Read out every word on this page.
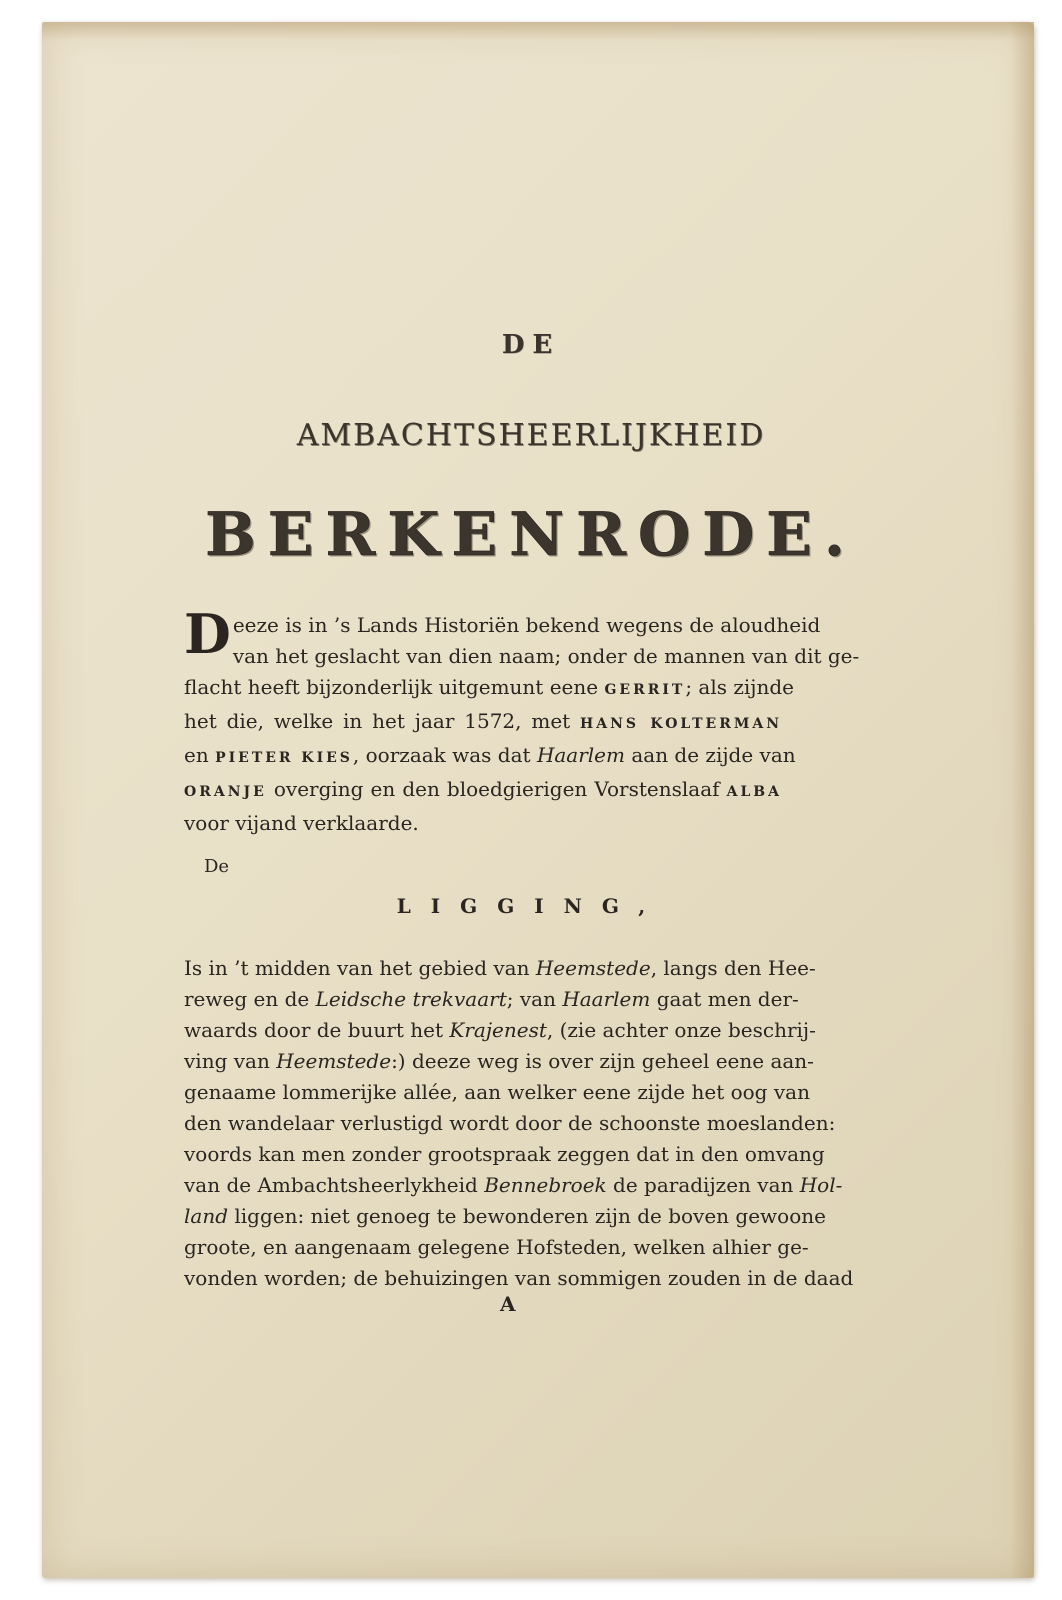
DE
AMBACHTSHEERLIJKHEID
BERKENRODE.
D eeze is in ’s Lands Historiën bekend wegens de aloudheid
van het geslacht van dien naam; onder de mannen van dit ge-
flacht heeft bijzonderlijk uitgemunt eene GERRIT; als zijnde
het die, welke in het jaar 1572, met HANS KOLTERMAN
en PIETER KIES, oorzaak was dat Haarlem aan de zijde van
ORANJE overging en den bloedgierigen Vorstenslaaf ALBA
voor vijand verklaarde.
De
LIGGING,
Is in ’t midden van het gebied van Heemstede, langs den Hee-
reweg en de Leidsche trekvaart; van Haarlem gaat men der-
waards door de buurt het Krajenest, (zie achter onze beschrij-
ving van Heemstede:) deeze weg is over zijn geheel eene aan-
genaame lommerijke allée, aan welker eene zijde het oog van
den wandelaar verlustigd wordt door de schoonste moeslanden:
voords kan men zonder grootspraak zeggen dat in den omvang
van de Ambachtsheerlykheid Bennebroek de paradijzen van Hol-
land liggen: niet genoeg te bewonderen zijn de boven gewoone
groote, en aangenaam gelegene Hofsteden, welken alhier ge-
vonden worden; de behuizingen van sommigen zouden in de daad
A
